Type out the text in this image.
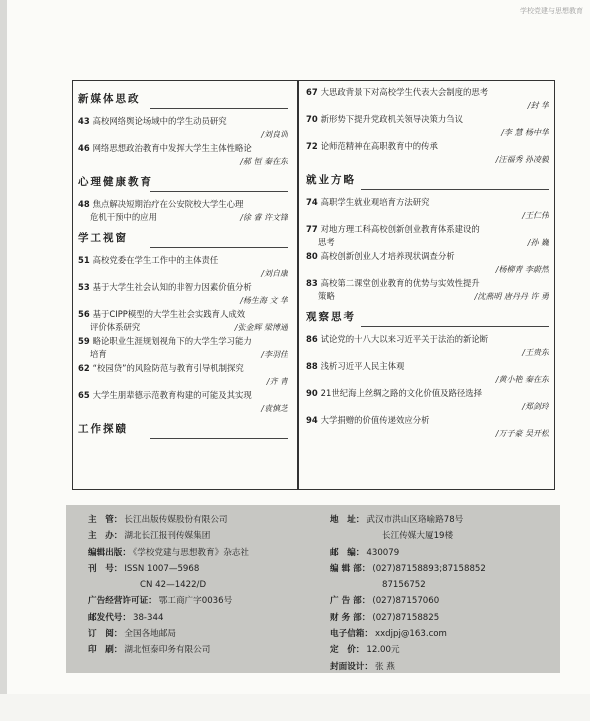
学校党建与思想教育
新媒体思政
43 高校网络舆论场域中的学生动员研究
/刘良训
46 网络思想政治教育中发挥大学生主体性略论
/郝 恒 秦在东
心理健康教育
48 焦点解决短期治疗在公安院校大学生心理
危机干预中的应用	/徐 睿 许文锋
学工视窗
51 高校党委在学生工作中的主体责任
/刘自康
53 基于大学生社会认知的非智力因素价值分析
/杨生海 文 华
56 基于CIPP模型的大学生社会实践育人成效
评价体系研究	/张金辉 梁博通
59 略论职业生涯规划视角下的大学生学习能力
培育	/李羽佳
62 “校园贷”的风险防范与教育引导机制探究
/齐 青
65 大学生朋辈德示范教育构建的可能及其实现
/袁慎芝
工作探赜
67 大思政背景下对高校学生代表大会制度的思考
/封 华
70 新形势下提升党政机关领导决策力刍议
/李 慧 杨中华
72 论师范精神在高职教育中的传承
/汪福秀 孙凌毅
就业方略
74 高职学生就业观培育方法研究
/王仁伟
77 对地方理工科高校创新创业教育体系建设的
思考	/孙 巍
80 高校创新创业人才培养现状调查分析
/杨柳青 李蔚然
83 高校第二课堂创业教育的优势与实效性提升
策略	/沈燕明 唐丹丹 许 勇
观察思考
86 试论党的十八大以来习近平关于法治的新论断
/王贵东
88 浅析习近平人民主体观
/黄小艳 秦在东
90 21世纪海上丝绸之路的文化价值及路径选择
/郑剑玲
94 大学捐赠的价值传递效应分析
/万子豪 吴开松
主　管： 长江出版传媒股份有限公司
主　办： 湖北长江报刊传媒集团
编辑出版： 《学校党建与思想教育》杂志社
刊　号： ISSN 1007—5968
CN 42—1422/D
广告经营许可证： 鄂工商广字0036号
邮发代号： 38-344
订　阅： 全国各地邮局
印　刷： 湖北恒泰印务有限公司
地　址： 武汉市洪山区珞喻路78号
长江传媒大厦19楼
邮　编： 430079
编 辑 部： (027)87158893;87158852
87156752
广 告 部： (027)87157060
财 务 部： (027)87158825
电子信箱： xxdjpj@163.com
定　价： 12.00元
封面设计： 张 燕
